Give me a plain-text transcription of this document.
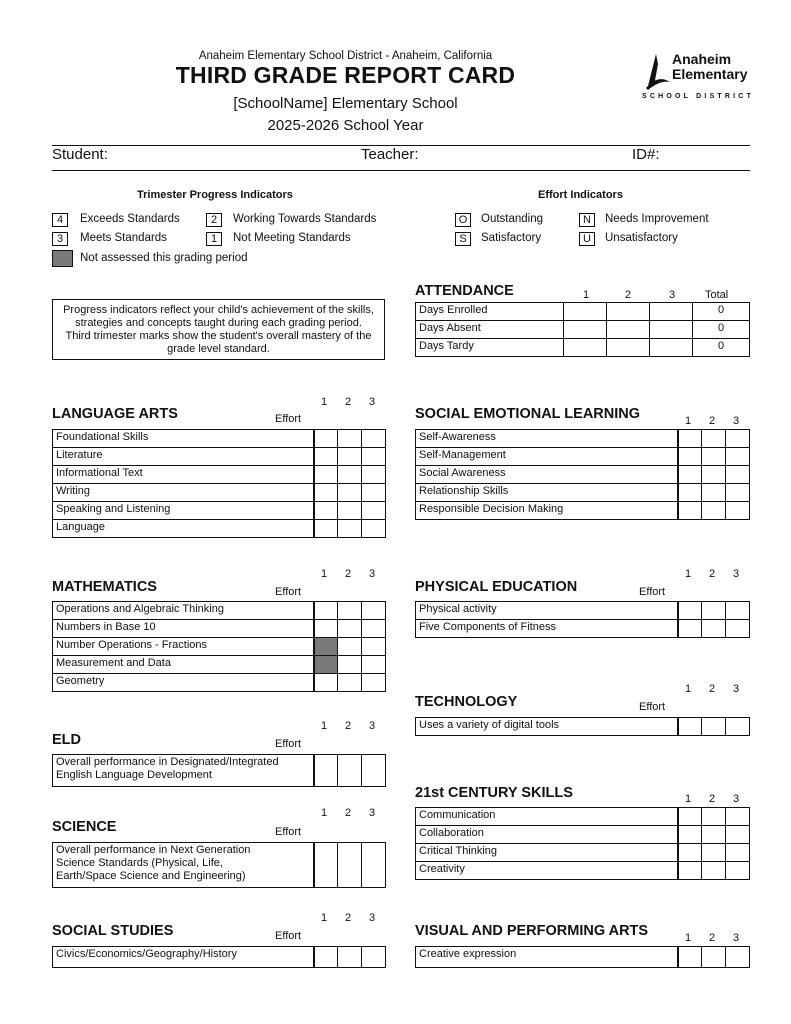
Anaheim Elementary School District - Anaheim, California
THIRD GRADE REPORT CARD
[SchoolName] Elementary School
2025-2026 School Year
Anaheim
Elementary
SCHOOL DISTRICT
Student:	Teacher:	ID#:
Trimester Progress Indicators
4	Exceeds Standards	2	Working Towards Standards
3	Meets Standards	1	Not Meeting Standards
Not assessed this grading period
Effort Indicators
O	Outstanding	N	Needs Improvement
S	Satisfactory	U	Unsatisfactory
Progress indicators reflect your child's achievement of the skills, strategies and concepts taught during each grading period. Third trimester marks show the student's overall mastery of the grade level standard.
ATTENDANCE	1	2	3	Total
Days Enrolled				0
Days Absent				0
Days Tardy				0
1	2	3
LANGUAGE ARTS	Effort
Foundational Skills			
Literature			
Informational Text			
Writing			
Speaking and Listening			
Language			
SOCIAL EMOTIONAL LEARNING	1	2	3
Self-Awareness			
Self-Management			
Social Awareness			
Relationship Skills			
Responsible Decision Making			
1	2	3
MATHEMATICS	Effort
Operations and Algebraic Thinking			
Numbers in Base 10			
Number Operations - Fractions			
Measurement and Data			
Geometry			
1	2	3
PHYSICAL EDUCATION	Effort
Physical activity			
Five Components of Fitness			
1	2	3
TECHNOLOGY	Effort
Uses a variety of digital tools			
1	2	3
ELD	Effort
Overall performance in Designated/Integrated
English Language Development

21st CENTURY SKILLS	1	2	3
Communication			
Collaboration			
Critical Thinking			
Creativity			
1	2	3
SCIENCE	Effort
Overall performance in Next Generation
Science Standards (Physical, Life,
Earth/Space Science and Engineering)

1	2	3
SOCIAL STUDIES	Effort
Civics/Economics/Geography/History			
VISUAL AND PERFORMING ARTS	1	2	3
Creative expression			
